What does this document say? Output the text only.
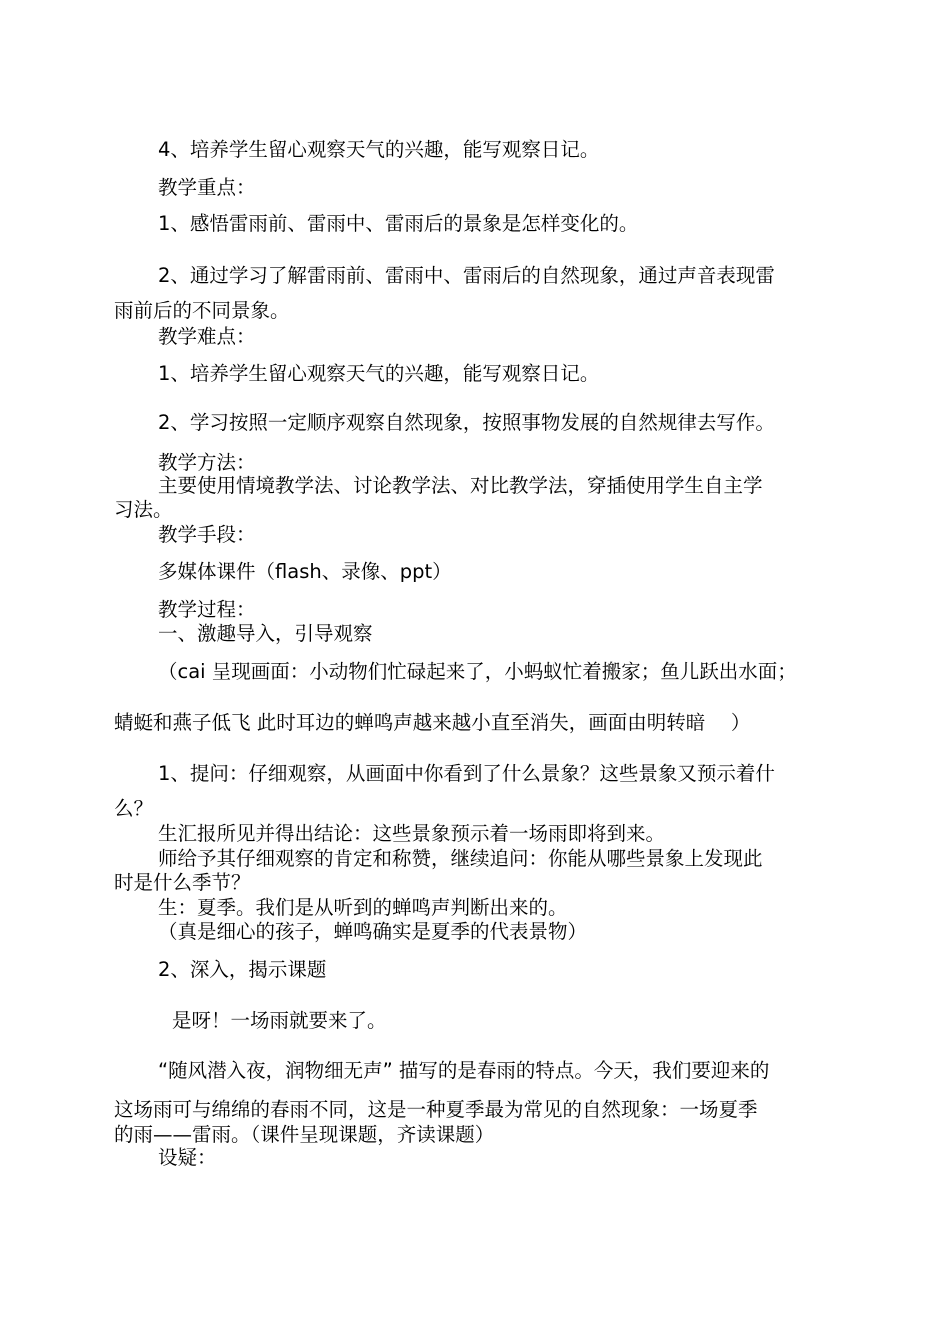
4、培养学生留心观察天气的兴趣，能写观察日记。

教学重点：

1、感悟雷雨前、雷雨中、雷雨后的景象是怎样变化的。

2、通过学习了解雷雨前、雷雨中、雷雨后的自然现象，通过声音表现雷

雨前后的不同景象。

教学难点：

1、培养学生留心观察天气的兴趣，能写观察日记。

2、学习按照一定顺序观察自然现象，按照事物发展的自然规律去写作。

教学方法：

主要使用情境教学法、讨论教学法、对比教学法，穿插使用学生自主学

习法。

教学手段：

多媒体课件（flash、录像、ppt）

教学过程：

一、激趣导入，引导观察

（cai 呈现画面：小动物们忙碌起来了，小蚂蚁忙着搬家；鱼儿跃出水面；

蜻蜓和燕子低飞 此时耳边的蝉鸣声越来越小直至消失，画面由明转暗　 ）

1、提问：仔细观察，从画面中你看到了什么景象？这些景象又预示着什

么？

生汇报所见并得出结论：这些景象预示着一场雨即将到来。

师给予其仔细观察的肯定和称赞，继续追问：你能从哪些景象上发现此

时是什么季节？

生：夏季。我们是从听到的蝉鸣声判断出来的。

（真是细心的孩子，蝉鸣确实是夏季的代表景物）

2、深入，揭示课题

是呀！一场雨就要来了。

“随风潜入夜，润物细无声” 描写的是春雨的特点。今天，我们要迎来的

这场雨可与绵绵的春雨不同，这是一种夏季最为常见的自然现象：一场夏季

的雨——雷雨。（课件呈现课题，齐读课题）

设疑：
